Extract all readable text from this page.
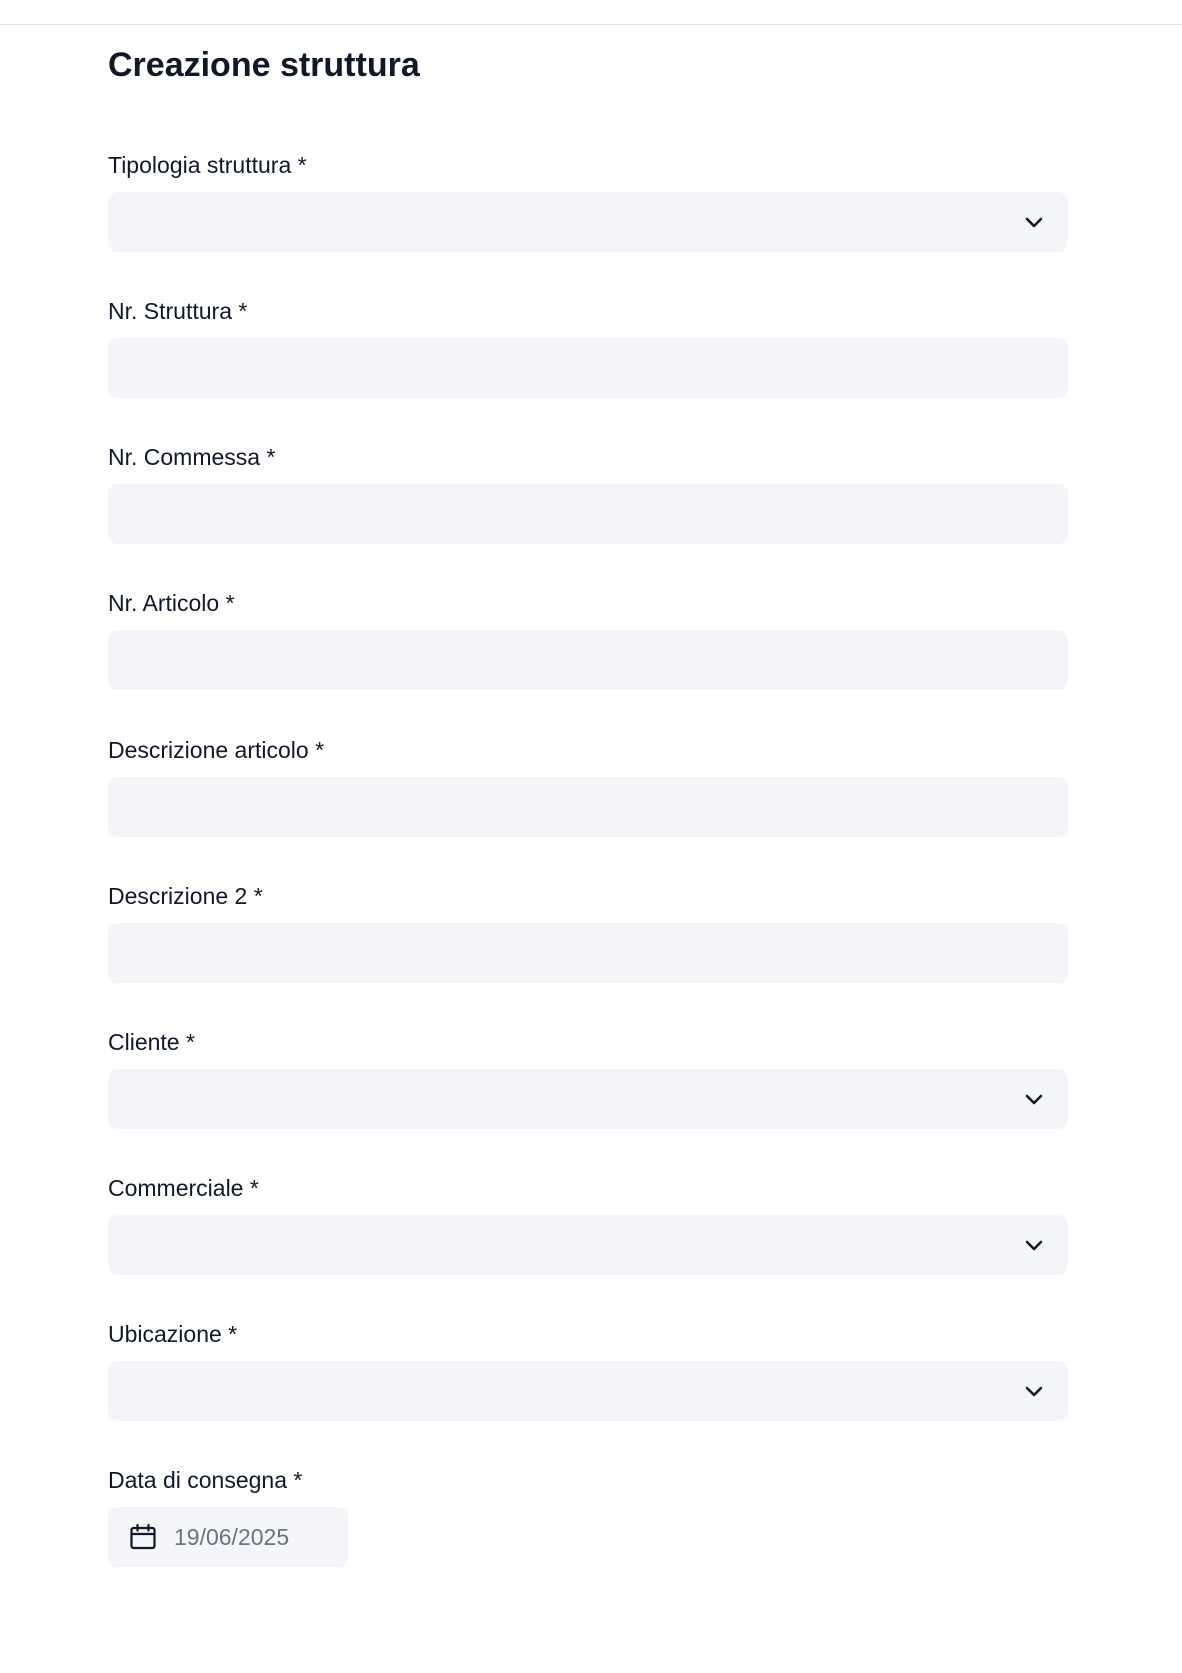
Creazione struttura
Tipologia struttura *
Nr. Struttura *
Nr. Commessa *
Nr. Articolo *
Descrizione articolo *
Descrizione 2 *
Cliente *
Commerciale *
Ubicazione *
Data di consegna *
19/06/2025
